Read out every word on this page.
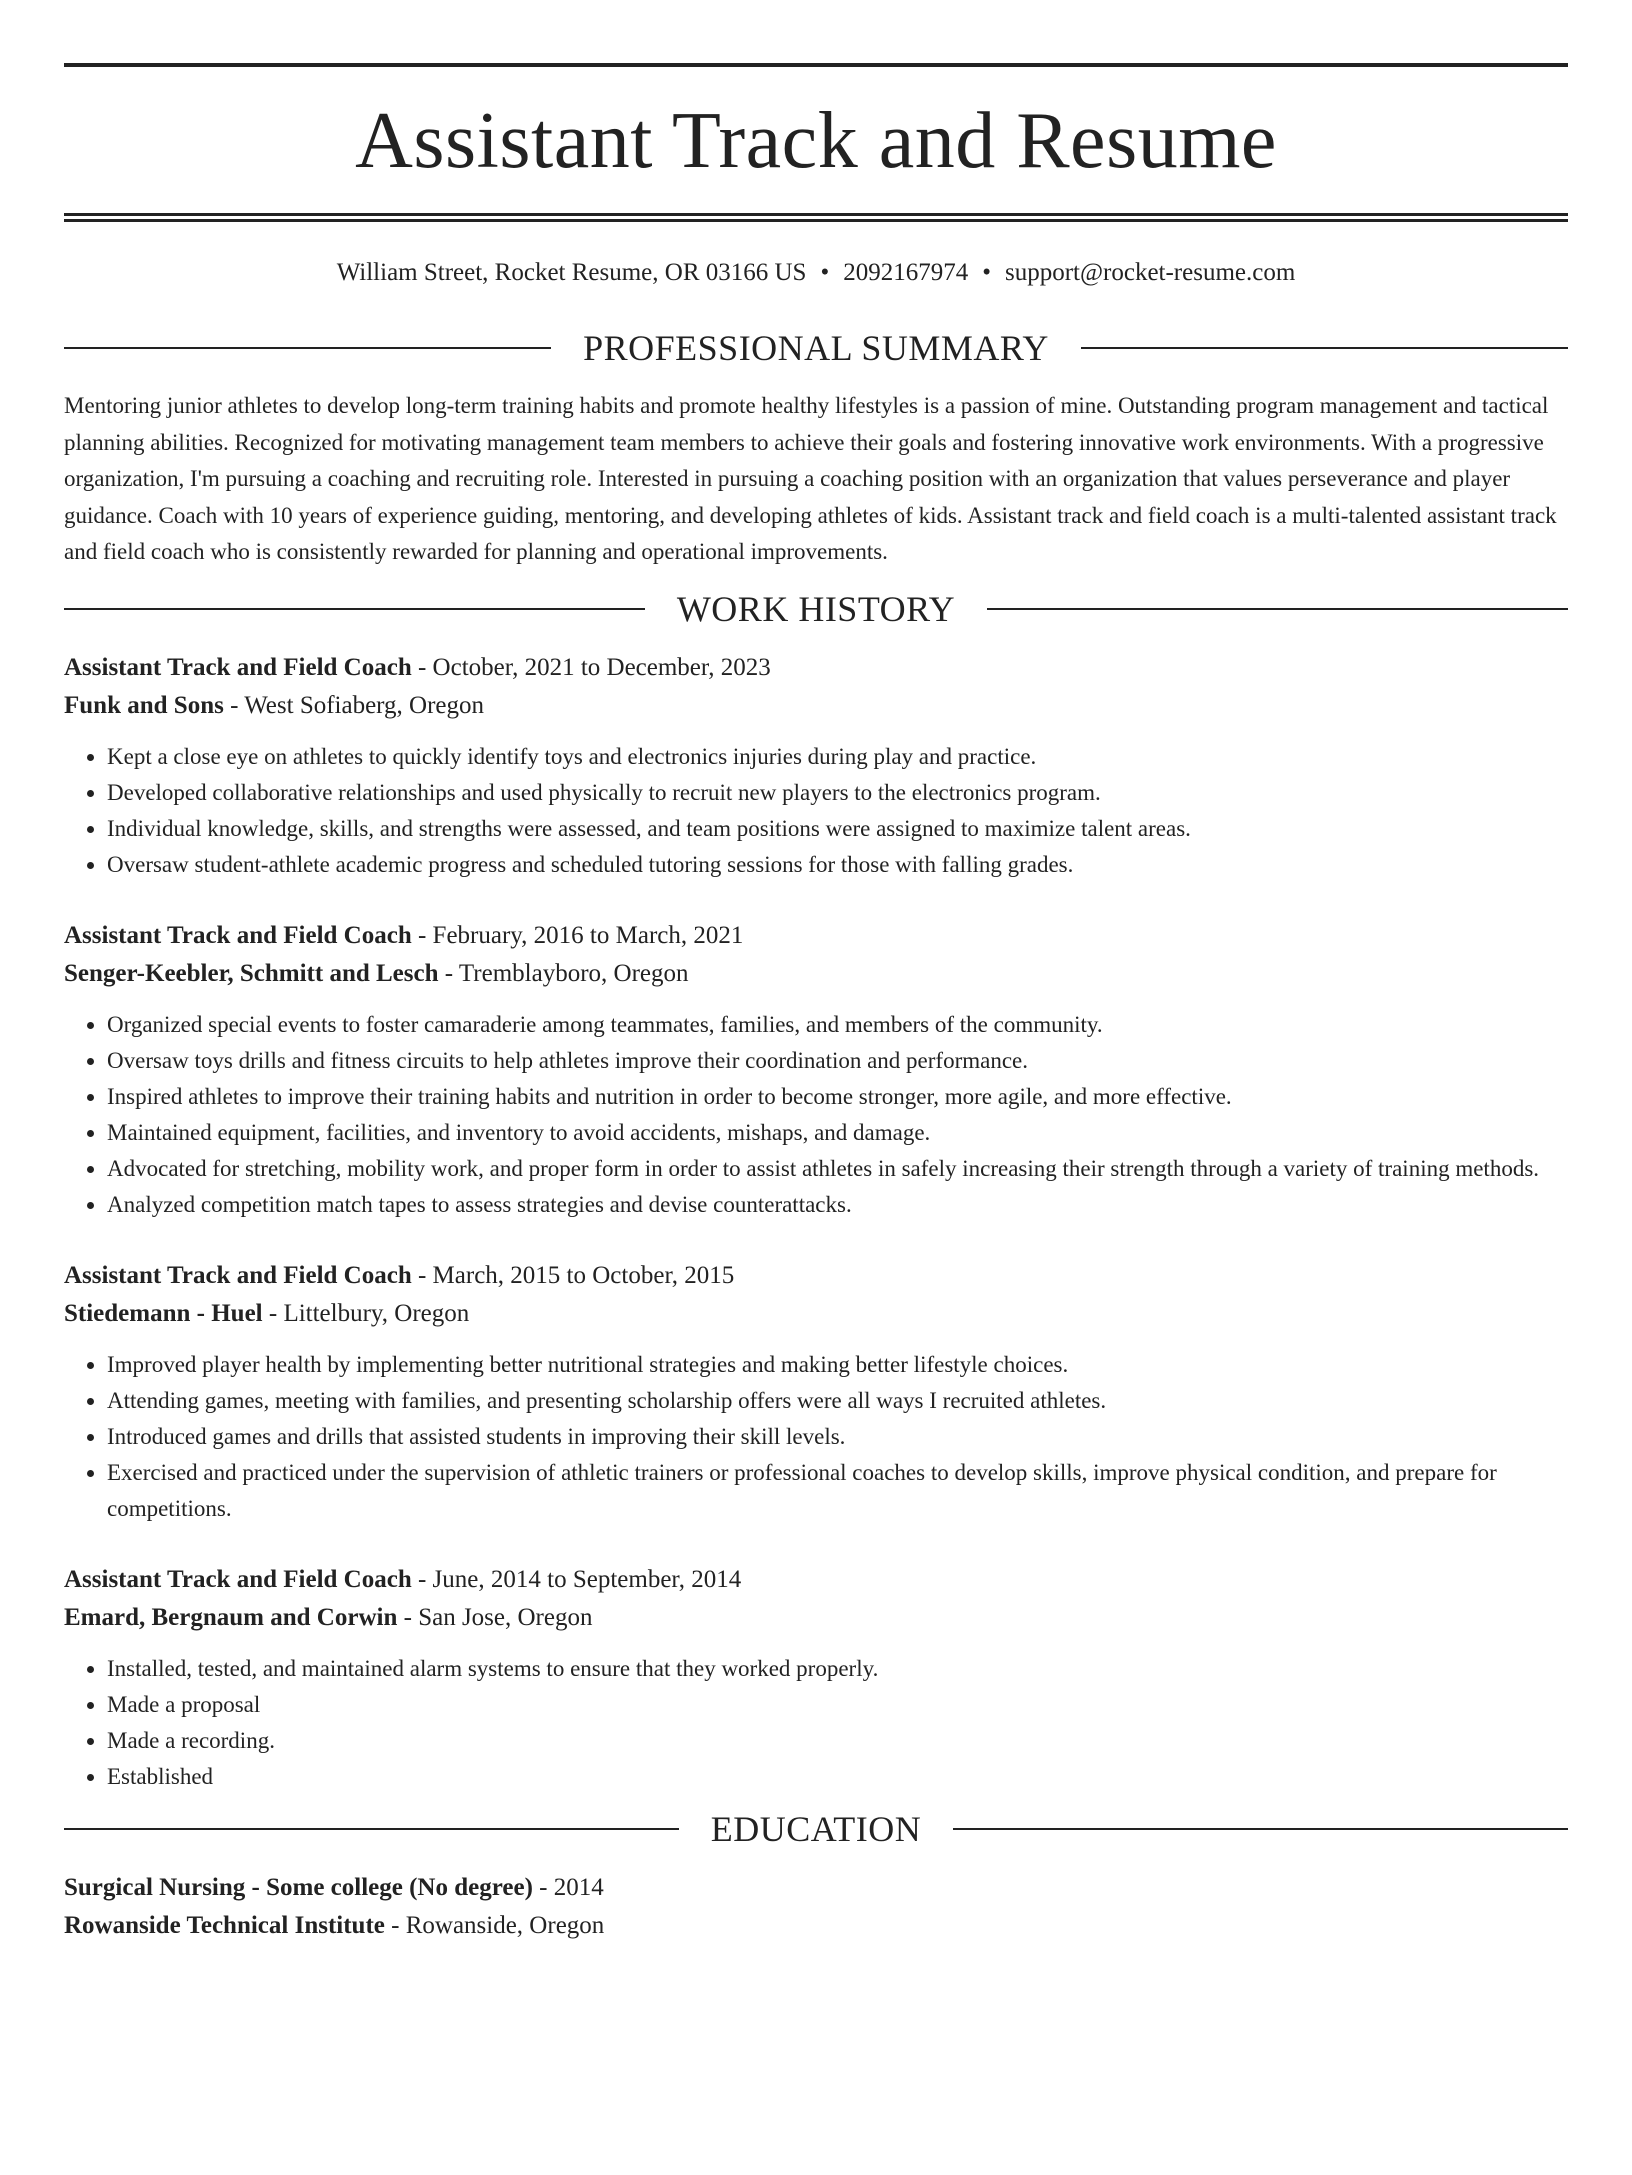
Assistant Track and Resume
William Street, Rocket Resume, OR 03166 US • 2092167974 • support@rocket-resume.com
PROFESSIONAL SUMMARY
Mentoring junior athletes to develop long-term training habits and promote healthy lifestyles is a passion of mine. Outstanding program management and tactical planning abilities. Recognized for motivating management team members to achieve their goals and fostering innovative work environments. With a progressive organization, I'm pursuing a coaching and recruiting role. Interested in pursuing a coaching position with an organization that values perseverance and player guidance. Coach with 10 years of experience guiding, mentoring, and developing athletes of kids. Assistant track and field coach is a multi-talented assistant track and field coach who is consistently rewarded for planning and operational improvements.
WORK HISTORY
Assistant Track and Field Coach - October, 2021 to December, 2023
Funk and Sons - West Sofiaberg, Oregon
• Kept a close eye on athletes to quickly identify toys and electronics injuries during play and practice.
• Developed collaborative relationships and used physically to recruit new players to the electronics program.
• Individual knowledge, skills, and strengths were assessed, and team positions were assigned to maximize talent areas.
• Oversaw student-athlete academic progress and scheduled tutoring sessions for those with falling grades.
Assistant Track and Field Coach - February, 2016 to March, 2021
Senger-Keebler, Schmitt and Lesch - Tremblayboro, Oregon
• Organized special events to foster camaraderie among teammates, families, and members of the community.
• Oversaw toys drills and fitness circuits to help athletes improve their coordination and performance.
• Inspired athletes to improve their training habits and nutrition in order to become stronger, more agile, and more effective.
• Maintained equipment, facilities, and inventory to avoid accidents, mishaps, and damage.
• Advocated for stretching, mobility work, and proper form in order to assist athletes in safely increasing their strength through a variety of training methods.
• Analyzed competition match tapes to assess strategies and devise counterattacks.
Assistant Track and Field Coach - March, 2015 to October, 2015
Stiedemann - Huel - Littelbury, Oregon
• Improved player health by implementing better nutritional strategies and making better lifestyle choices.
• Attending games, meeting with families, and presenting scholarship offers were all ways I recruited athletes.
• Introduced games and drills that assisted students in improving their skill levels.
• Exercised and practiced under the supervision of athletic trainers or professional coaches to develop skills, improve physical condition, and prepare for competitions.
Assistant Track and Field Coach - June, 2014 to September, 2014
Emard, Bergnaum and Corwin - San Jose, Oregon
• Installed, tested, and maintained alarm systems to ensure that they worked properly.
• Made a proposal
• Made a recording.
• Established
EDUCATION
Surgical Nursing - Some college (No degree) - 2014
Rowanside Technical Institute - Rowanside, Oregon
